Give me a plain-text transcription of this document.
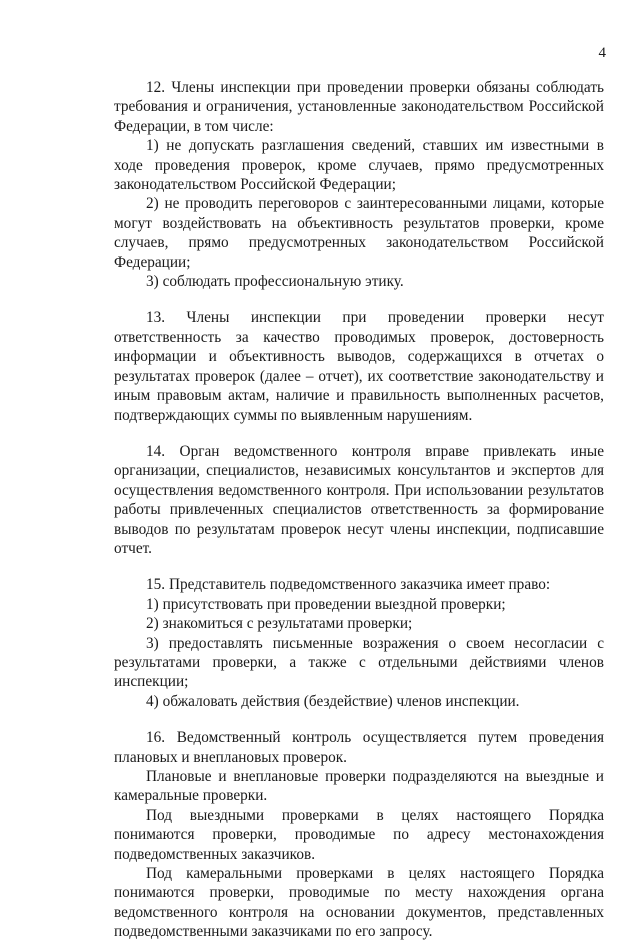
4

12. Члены инспекции при проведении проверки обязаны соблюдать требования и ограничения, установленные законодательством Российской Федерации, в том числе:

1) не допускать разглашения сведений, ставших им известными в ходе проведения проверок, кроме случаев, прямо предусмотренных законодательством Российской Федерации;

2) не проводить переговоров с заинтересованными лицами, которые могут воздействовать на объективность результатов проверки, кроме случаев, прямо предусмотренных законодательством Российской Федерации;

3) соблюдать профессиональную этику.

13. Члены инспекции при проведении проверки несут ответственность за качество проводимых проверок, достоверность информации и объективность выводов, содержащихся в отчетах о результатах проверок (далее – отчет), их соответствие законодательству и иным правовым актам, наличие и правильность выполненных расчетов, подтверждающих суммы по выявленным нарушениям.

14. Орган ведомственного контроля вправе привлекать иные организации, специалистов, независимых консультантов и экспертов для осуществления ведомственного контроля. При использовании результатов работы привлеченных специалистов ответственность за формирование выводов по результатам проверок несут члены инспекции, подписавшие отчет.

15. Представитель подведомственного заказчика имеет право:

1) присутствовать при проведении выездной проверки;

2) знакомиться с результатами проверки;

3) предоставлять письменные возражения о своем несогласии с результатами проверки, а также с отдельными действиями членов инспекции;

4) обжаловать действия (бездействие) членов инспекции.

16. Ведомственный контроль осуществляется путем проведения плановых и внеплановых проверок.

Плановые и внеплановые проверки подразделяются на выездные и камеральные проверки.

Под выездными проверками в целях настоящего Порядка понимаются проверки, проводимые по адресу местонахождения подведомственных заказчиков.

Под камеральными проверками в целях настоящего Порядка понимаются проверки, проводимые по месту нахождения органа ведомственного контроля на основании документов, представленных подведомственными заказчиками по его запросу.
